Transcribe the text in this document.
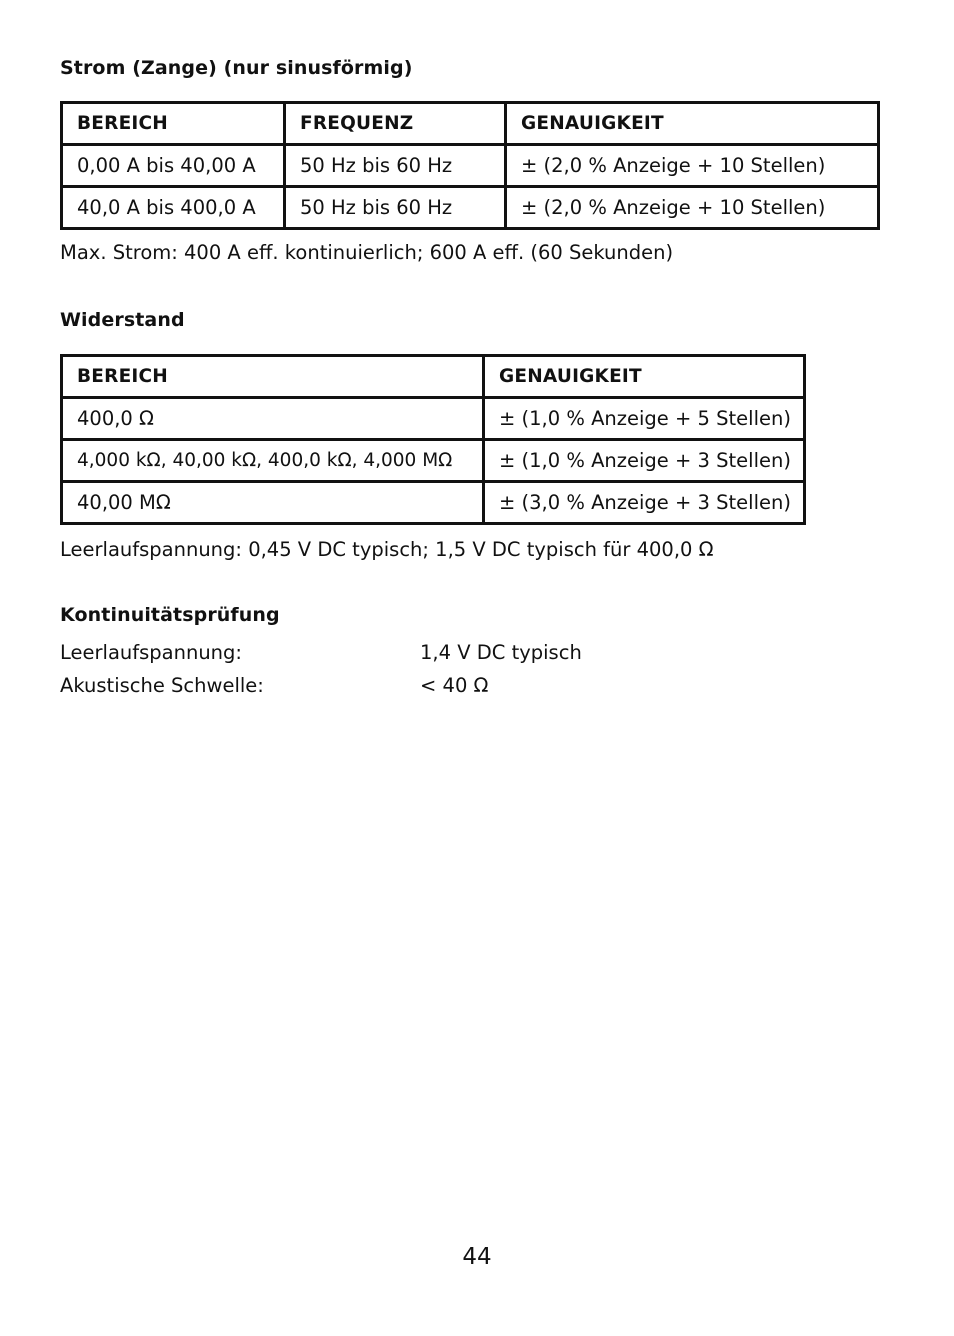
Strom (Zange) (nur sinusförmig)
BEREICH	FREQUENZ	GENAUIGKEIT
0,00 A bis 40,00 A	50 Hz bis 60 Hz	± (2,0 % Anzeige + 10 Stellen)
40,0 A bis 400,0 A	50 Hz bis 60 Hz	± (2,0 % Anzeige + 10 Stellen)
Max. Strom: 400 A eff. kontinuierlich; 600 A eff. (60 Sekunden)
Widerstand
BEREICH	GENAUIGKEIT
400,0 Ω	± (1,0 % Anzeige + 5 Stellen)
4,000 kΩ, 40,00 kΩ, 400,0 kΩ, 4,000 MΩ	± (1,0 % Anzeige + 3 Stellen)
40,00 MΩ	± (3,0 % Anzeige + 3 Stellen)
Leerlaufspannung: 0,45 V DC typisch; 1,5 V DC typisch für 400,0 Ω
Kontinuitätsprüfung
Leerlaufspannung:	1,4 V DC typisch
Akustische Schwelle:	< 40 Ω
44
